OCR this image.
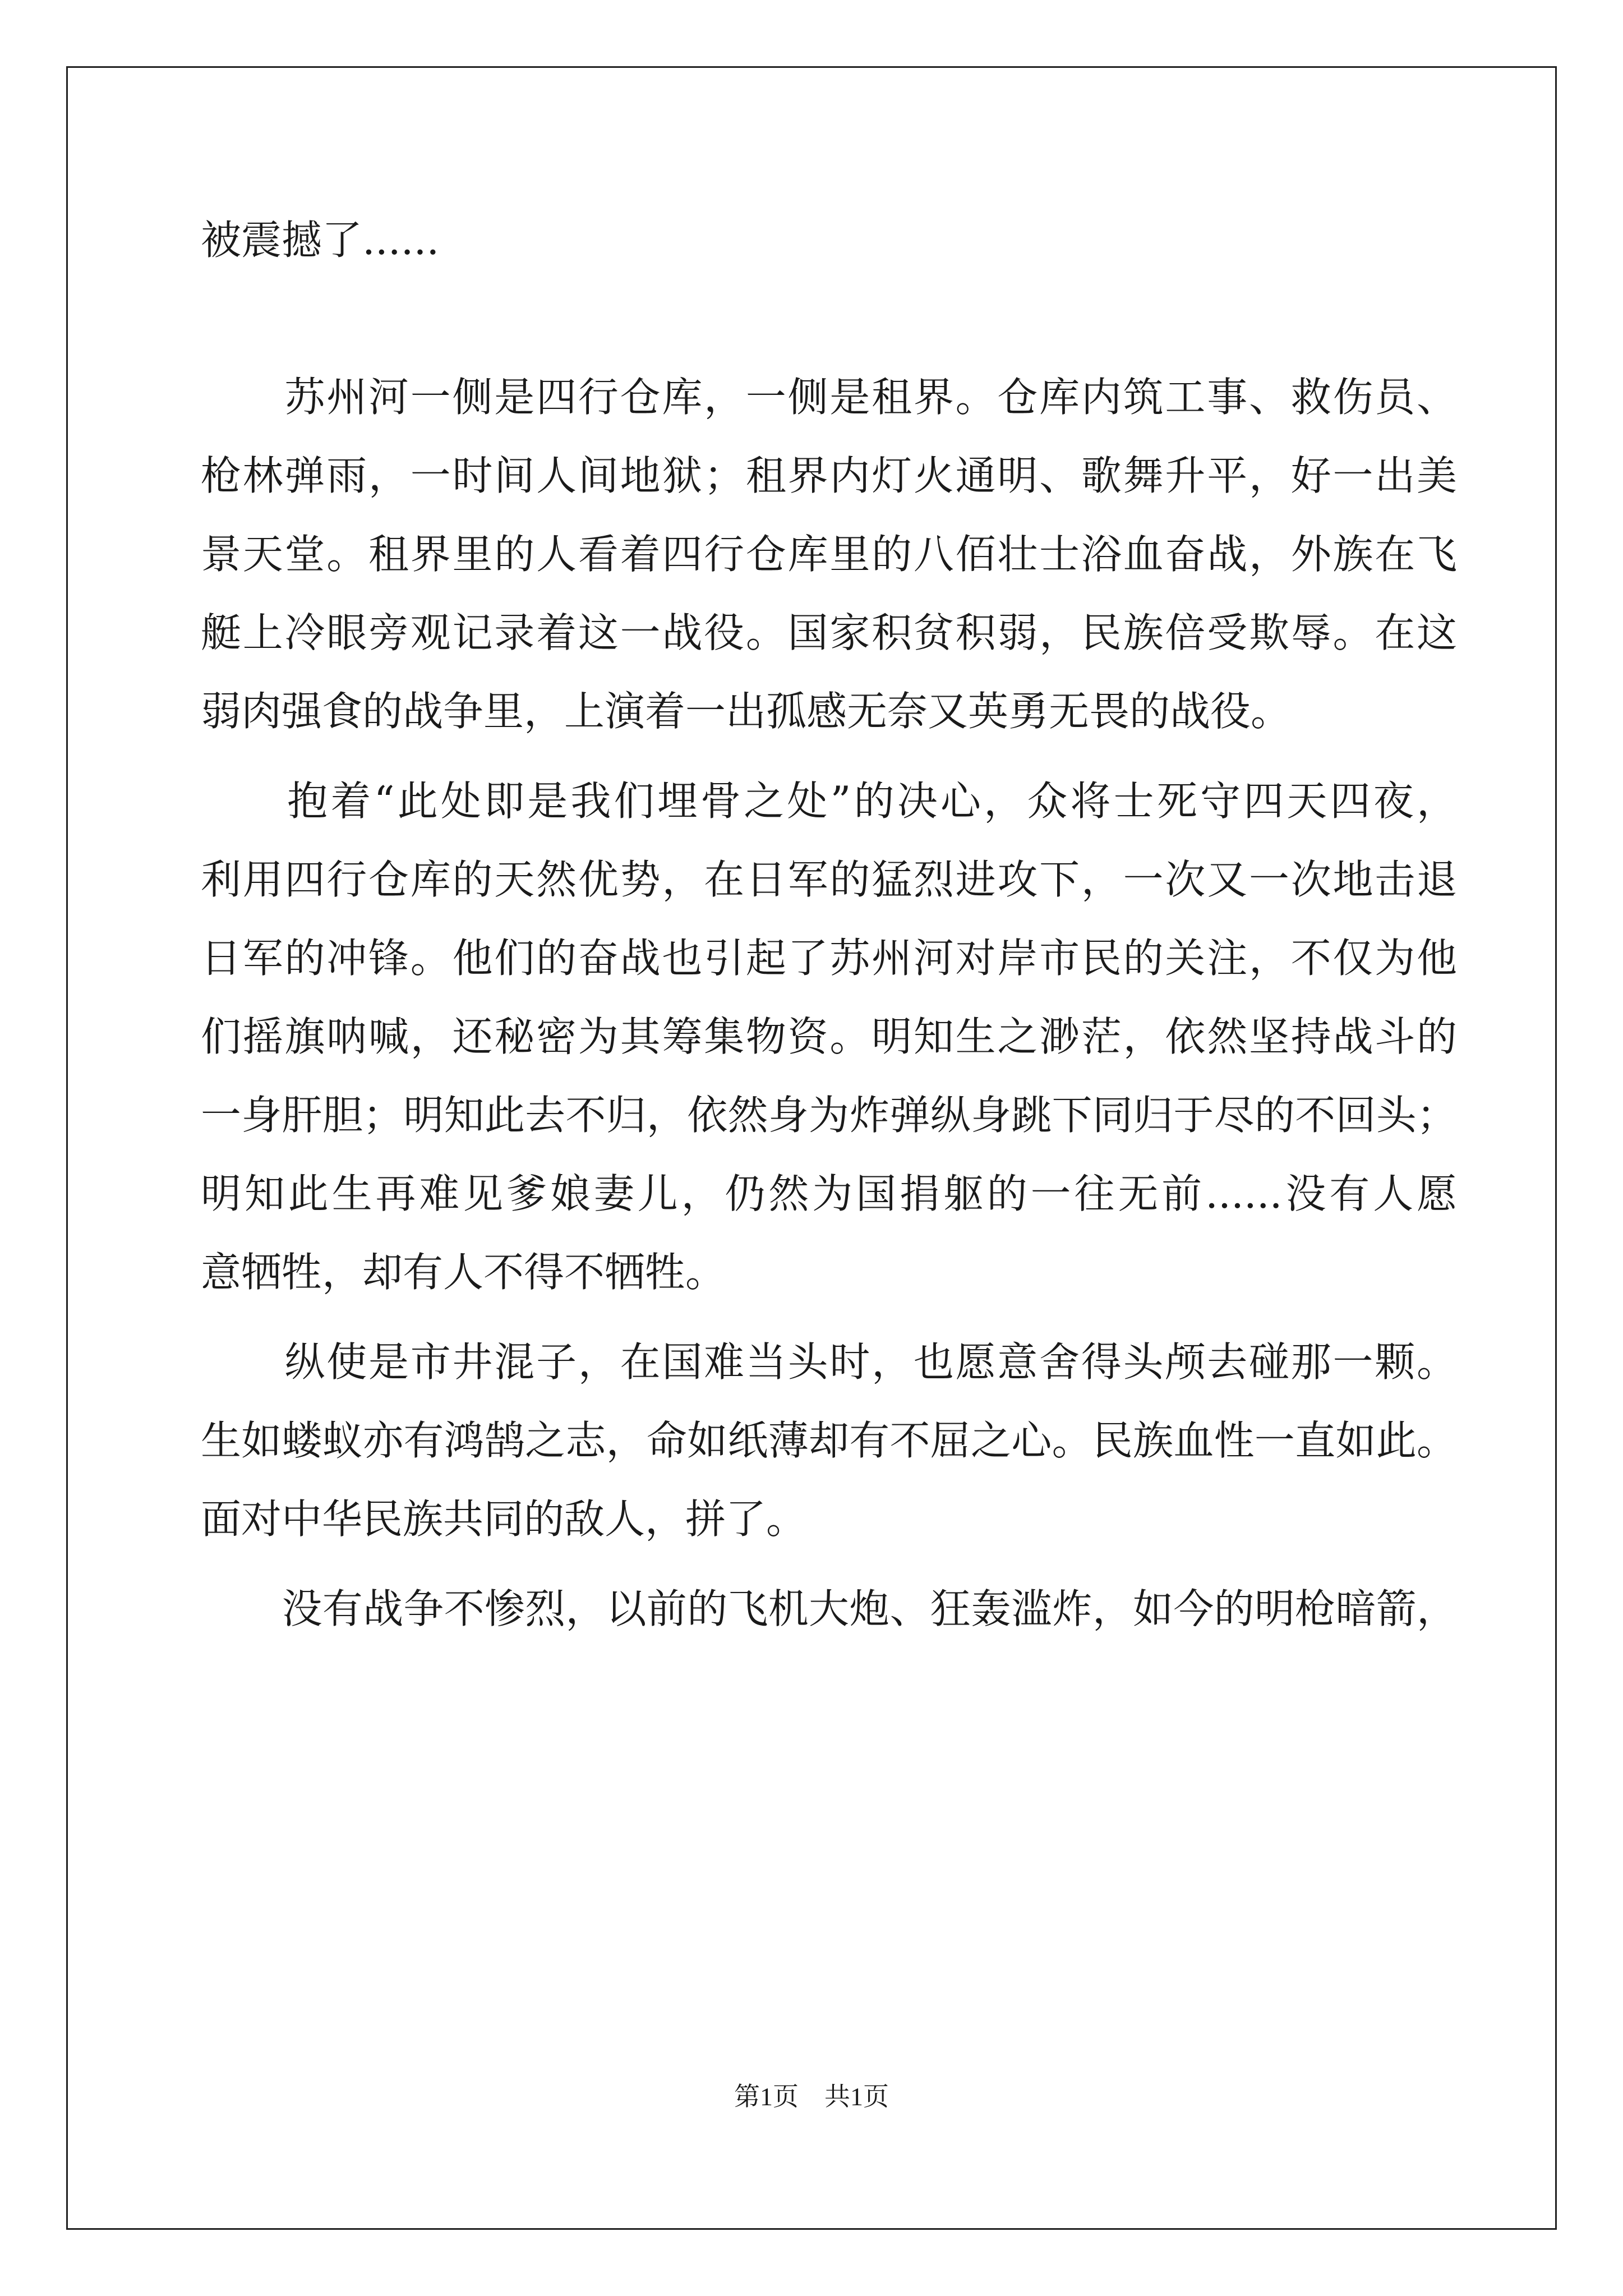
被震撼了......
　　苏州河一侧是四行仓库，一侧是租界。仓库内筑工事、救伤员、
枪林弹雨，一时间人间地狱；租界内灯火通明、歌舞升平，好一出美
景天堂。租界里的人看着四行仓库里的八佰壮士浴血奋战，外族在飞
艇上冷眼旁观记录着这一战役。国家积贫积弱，民族倍受欺辱。在这
弱肉强食的战争里，上演着一出孤感无奈又英勇无畏的战役。
　　抱着“此处即是我们埋骨之处”的决心，众将士死守四天四夜，
利用四行仓库的天然优势，在日军的猛烈进攻下，一次又一次地击退
日军的冲锋。他们的奋战也引起了苏州河对岸市民的关注，不仅为他
们摇旗呐喊，还秘密为其筹集物资。明知生之渺茫，依然坚持战斗的
一身肝胆；明知此去不归，依然身为炸弹纵身跳下同归于尽的不回头；
明知此生再难见爹娘妻儿，仍然为国捐躯的一往无前......没有人愿
意牺牲，却有人不得不牺牲。
　　纵使是市井混子，在国难当头时，也愿意舍得头颅去碰那一颗。
生如蝼蚁亦有鸿鹄之志，命如纸薄却有不屈之心。民族血性一直如此。
面对中华民族共同的敌人，拼了。
　　没有战争不惨烈，以前的飞机大炮、狂轰滥炸，如今的明枪暗箭，
第1页　共1页
